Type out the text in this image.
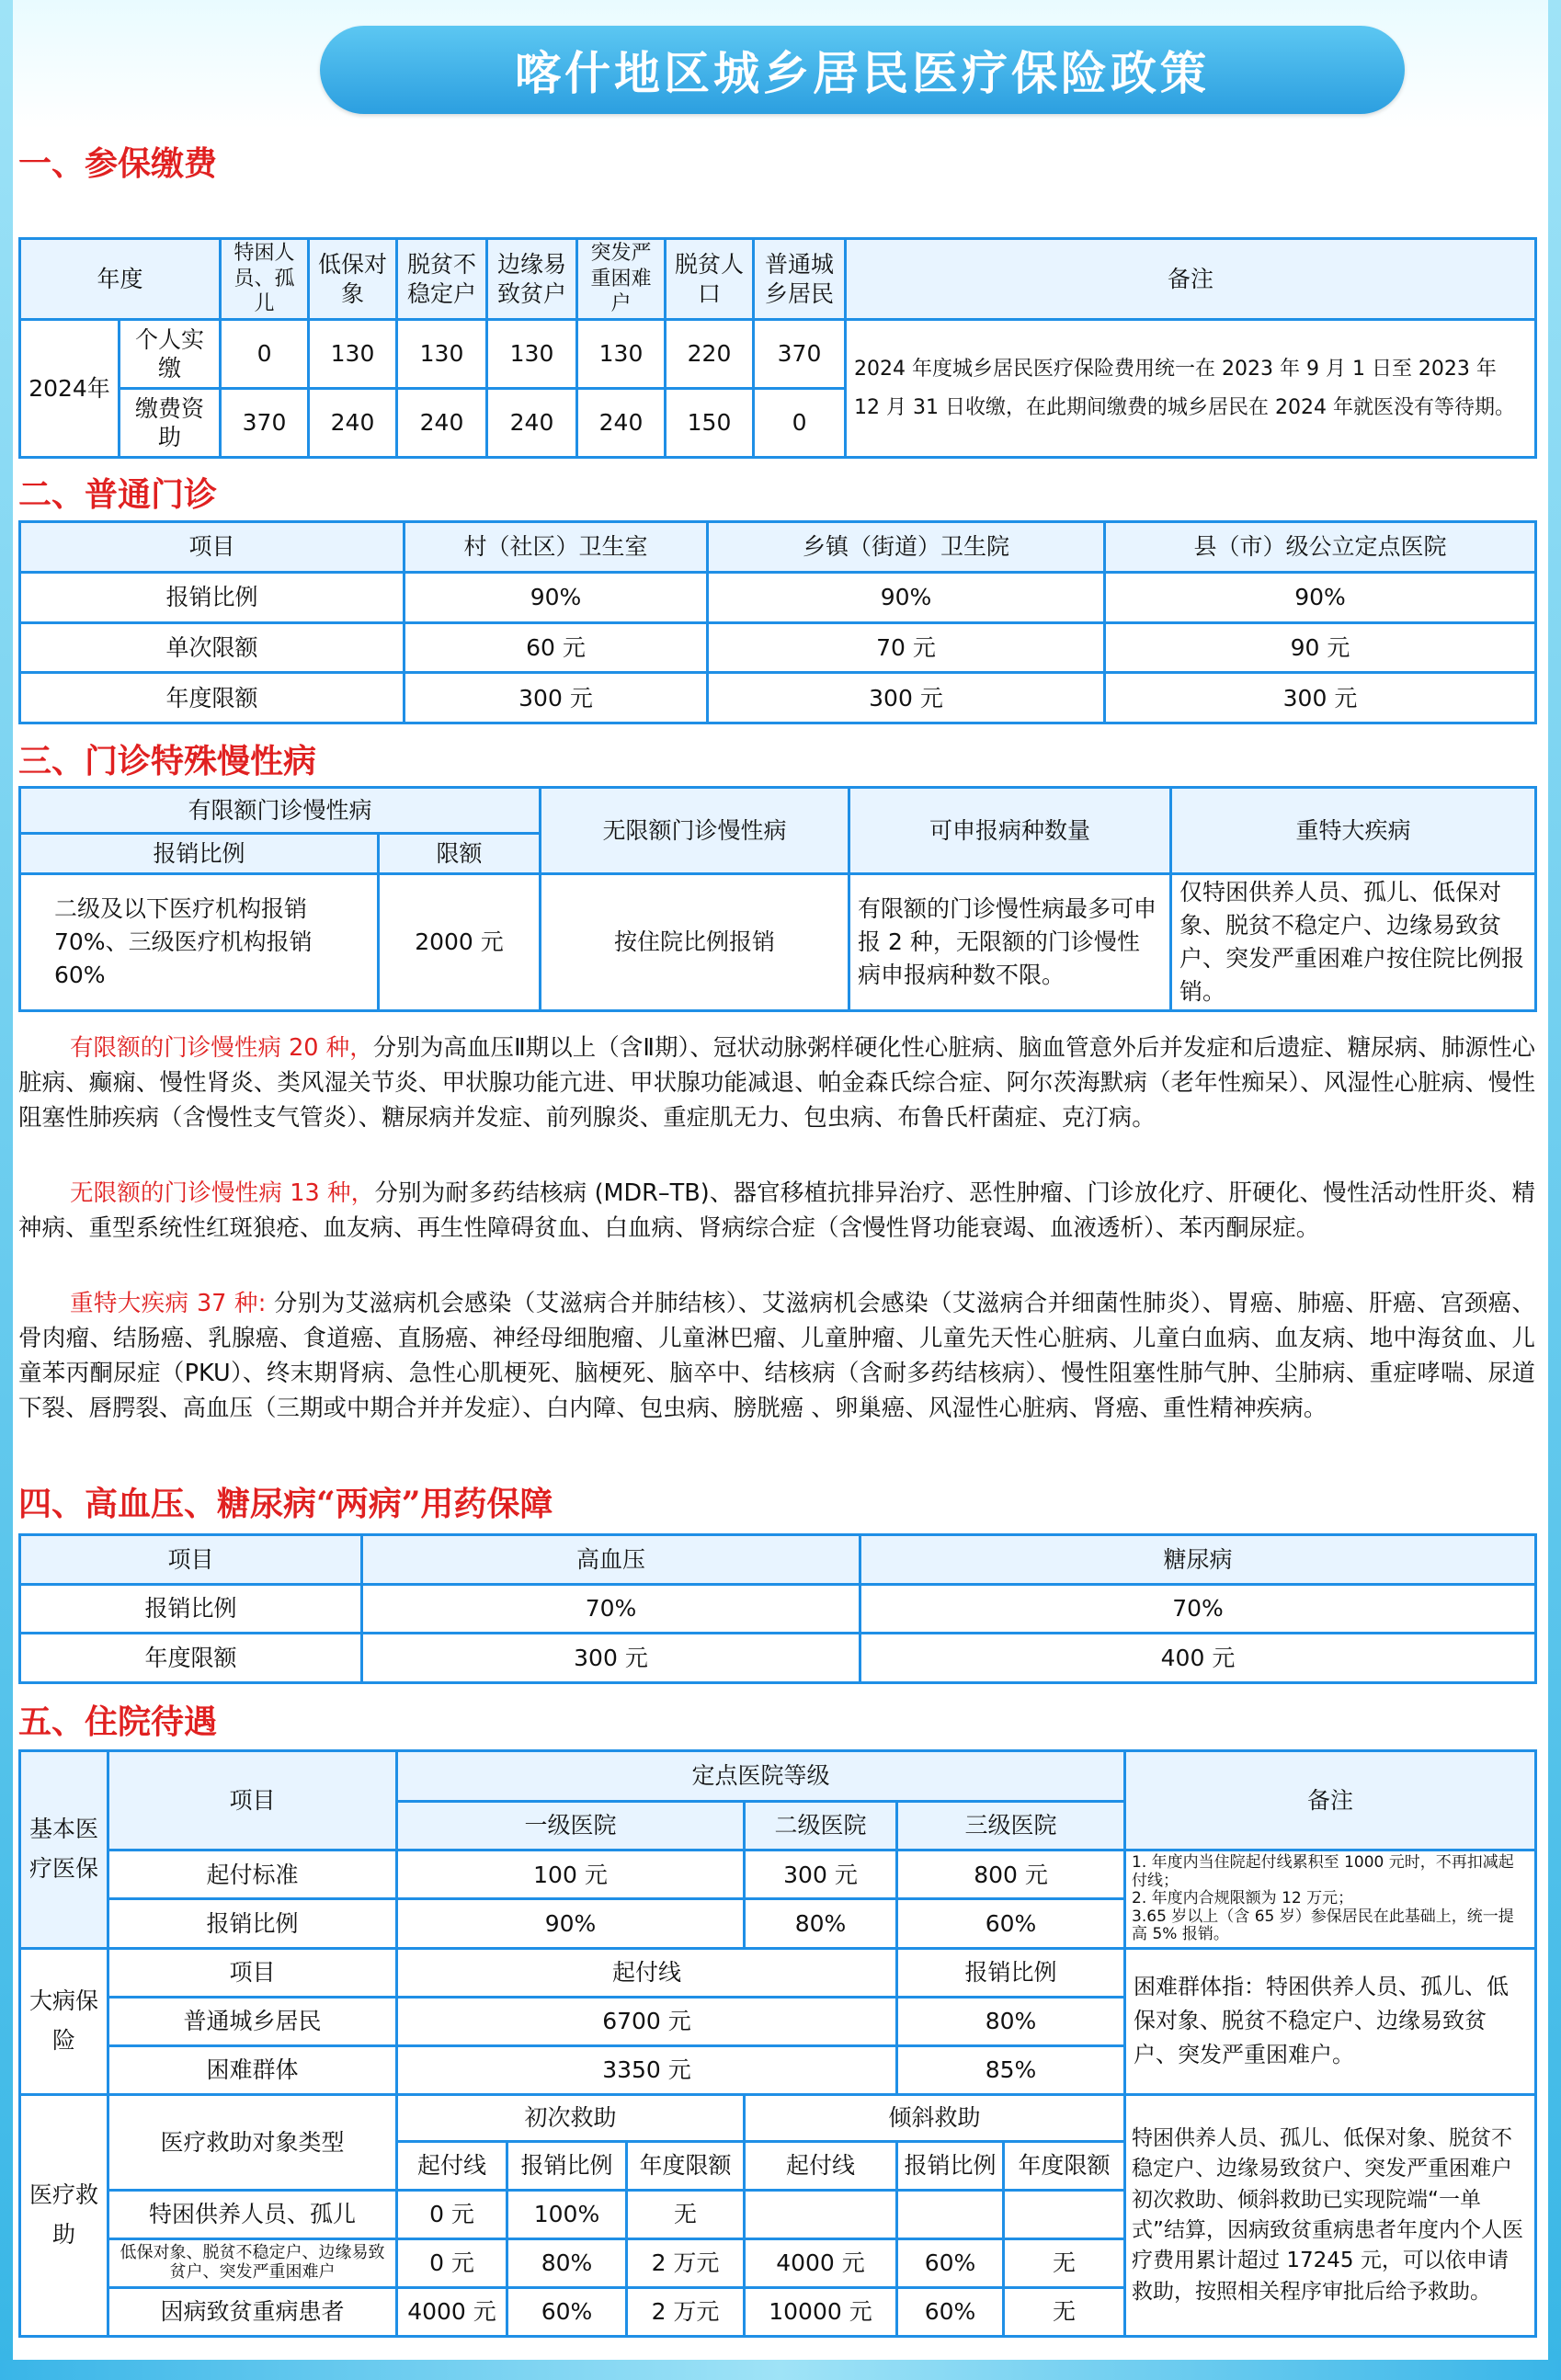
喀什地区城乡居民医疗保险政策
一、参保缴费
年度		特困人员、孤儿	低保对象	脱贫不稳定户	边缘易致贫户	突发严重困难户	脱贫人口	普通城乡居民	备注
2024年	个人实缴	0	130	130	130	130	220	370	2024 年度城乡居民医疗保险费用统一在 2023 年 9 月 1 日至 2023 年 12 月 31 日收缴，在此期间缴费的城乡居民在 2024 年就医没有等待期。
	缴费资助	370	240	240	240	240	150	0	
二、普通门诊
项目	村（社区）卫生室	乡镇（街道）卫生院	县（市）级公立定点医院
报销比例	90%	90%	90%
单次限额	60 元	70 元	90 元
年度限额	300 元	300 元	300 元
三、门诊特殊慢性病
有限额门诊慢性病		无限额门诊慢性病	可申报病种数量	重特大疾病
报销比例	限额			
二级及以下医疗机构报销 70%、三级医疗机构报销 60%	2000 元	按住院比例报销	有限额的门诊慢性病最多可申报 2 种，无限额的门诊慢性病申报病种数不限。	仅特困供养人员、孤儿、低保对象、脱贫不稳定户、边缘易致贫户、突发严重困难户按住院比例报销。
有限额的门诊慢性病 20 种，分别为高血压Ⅱ期以上（含Ⅱ期）、冠状动脉粥样硬化性心脏病、脑血管意外后并发症和后遗症、糖尿病、肺源性心脏病、癫痫、慢性肾炎、类风湿关节炎、甲状腺功能亢进、甲状腺功能减退、帕金森氏综合症、阿尔茨海默病（老年性痴呆）、风湿性心脏病、慢性阻塞性肺疾病（含慢性支气管炎）、糖尿病并发症、前列腺炎、重症肌无力、包虫病、布鲁氏杆菌症、克汀病。
无限额的门诊慢性病 13 种，分别为耐多药结核病 (MDR–TB)、器官移植抗排异治疗、恶性肿瘤、门诊放化疗、肝硬化、慢性活动性肝炎、精神病、重型系统性红斑狼疮、血友病、再生性障碍贫血、白血病、肾病综合症（含慢性肾功能衰竭、血液透析）、苯丙酮尿症。
重特大疾病 37 种: 分别为艾滋病机会感染（艾滋病合并肺结核）、艾滋病机会感染（艾滋病合并细菌性肺炎）、胃癌、肺癌、肝癌、宫颈癌、骨肉瘤、结肠癌、乳腺癌、食道癌、直肠癌、神经母细胞瘤、儿童淋巴瘤、儿童肿瘤、儿童先天性心脏病、儿童白血病、血友病、地中海贫血、儿童苯丙酮尿症（PKU）、终末期肾病、急性心肌梗死、脑梗死、脑卒中、结核病（含耐多药结核病）、慢性阻塞性肺气肿、尘肺病、重症哮喘、尿道下裂、唇腭裂、高血压（三期或中期合并并发症）、白内障、包虫病、膀胱癌 、卵巢癌、风湿性心脏病、肾癌、重性精神疾病。
四、高血压、糖尿病“两病”用药保障
项目	高血压	糖尿病
报销比例	70%	70%
年度限额	300 元	400 元
五、住院待遇
基本医疗医保	项目	定点医院等级						备注
		一级医院			二级医院	三级医院		
	起付标准	100 元			300 元	800 元		1. 年度内当住院起付线累积至 1000 元时，不再扣减起付线；
2. 年度内合规限额为 12 万元；
3.65 岁以上（含 65 岁）参保居民在此基础上，统一提高 5% 报销。
	报销比例	90%			80%	60%		
大病保险	项目	起付线				报销比例		困难群体指：特困供养人员、孤儿、低保对象、脱贫不稳定户、边缘易致贫户、突发严重困难户。
	普通城乡居民	6700 元				80%		
	困难群体	3350 元				85%		
医疗救助	医疗救助对象类型	初次救助			倾斜救助			特困供养人员、孤儿、低保对象、脱贫不稳定户、边缘易致贫户、突发严重困难户初次救助、倾斜救助已实现院端“一单式”结算，因病致贫重病患者年度内个人医疗费用累计超过 17245 元，可以依申请救助，按照相关程序审批后给予救助。
		起付线	报销比例	年度限额	起付线	报销比例	年度限额	
	特困供养人员、孤儿	0 元	100%	无				
	低保对象、脱贫不稳定户、边缘易致贫户、突发严重困难户	0 元	80%	2 万元	4000 元	60%	无	
	因病致贫重病患者	4000 元	60%	2 万元	10000 元	60%	无	
